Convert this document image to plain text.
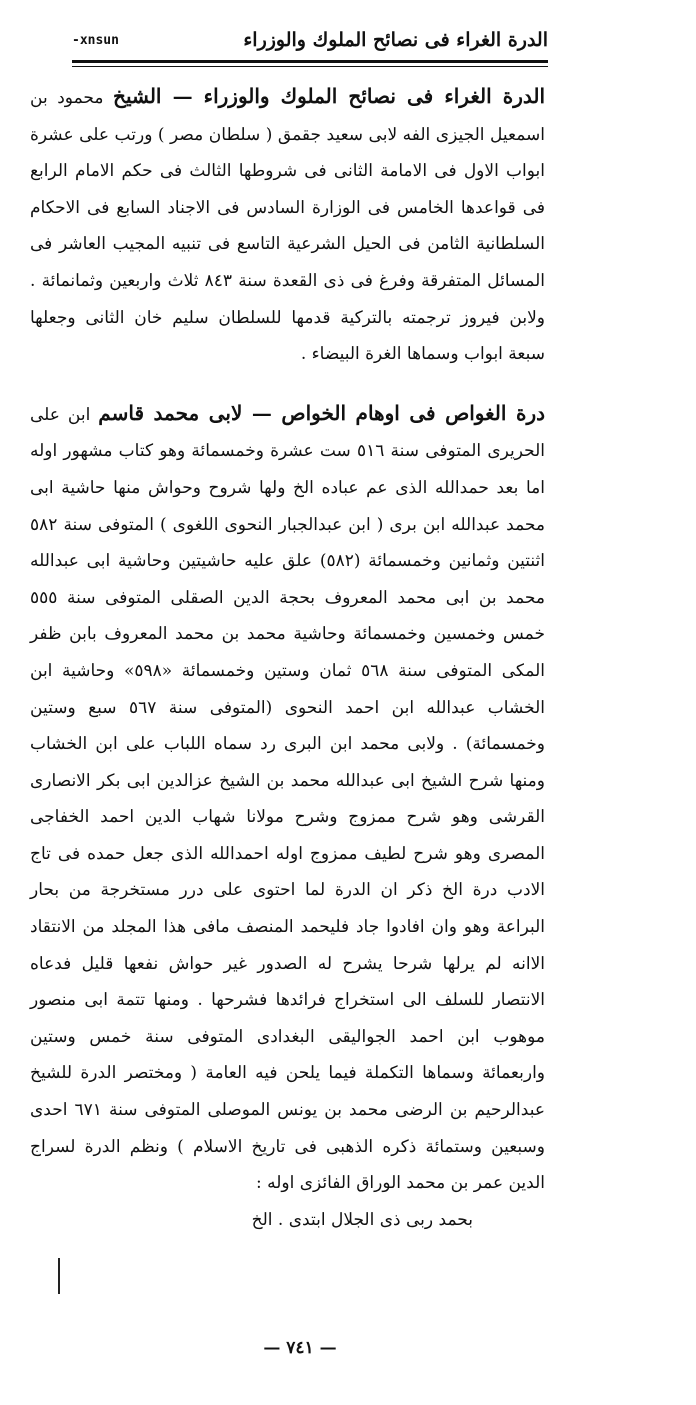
الدرة الغراء فى نصائح الملوك والوزراء
-xnsun

الدرة الغراء فى نصائح الملوك والوزراء — الشيخ محمود بن اسمعيل الجيزى الفه لابى سعيد جقمق ( سلطان مصر ) ورتب على عشرة ابواب الاول فى الامامة الثانى فى شروطها الثالث فى حكم الامام الرابع فى قواعدها الخامس فى الوزارة السادس فى الاجناد السابع فى الاحكام السلطانية الثامن فى الحيل الشرعية التاسع فى تنبيه المجيب العاشر فى المسائل المتفرقة وفرغ فى ذى القعدة سنة ٨٤٣ ثلاث واربعين وثمانمائة . ولابن فيروز ترجمته بالتركية قدمها للسلطان سليم خان الثانى وجعلها سبعة ابواب وسماها الغرة البيضاء .

درة الغواص فى اوهام الخواص — لابى محمد قاسم ابن على الحريرى المتوفى سنة ٥١٦ ست عشرة وخمسمائة وهو كتاب مشهور اوله اما بعد حمدالله الذى عم عباده الخ ولها شروح وحواش منها حاشية ابى محمد عبدالله ابن برى ( ابن عبدالجبار النحوى اللغوى ) المتوفى سنة ٥٨٢ اثنتين وثمانين وخمسمائة (٥٨٢) علق عليه حاشيتين وحاشية ابى عبدالله محمد بن ابى محمد المعروف بحجة الدين الصقلى المتوفى سنة ٥٥٥ خمس وخمسين وخمسمائة وحاشية محمد بن محمد المعروف بابن ظفر المكى المتوفى سنة ٥٦٨ ثمان وستين وخمسمائة «٥٩٨» وحاشية ابن الخشاب عبدالله ابن احمد النحوى (المتوفى سنة ٥٦٧ سبع وستين وخمسمائة) . ولابى محمد ابن البرى رد سماه اللباب على ابن الخشاب ومنها شرح الشيخ ابى عبدالله محمد بن الشيخ عزالدين ابى بكر الانصارى القرشى وهو شرح ممزوج وشرح مولانا شهاب الدين احمد الخفاجى المصرى وهو شرح لطيف ممزوج اوله احمدالله الذى جعل حمده فى تاج الادب درة الخ ذكر ان الدرة لما احتوى على درر مستخرجة من بحار البراعة وهو وان افادوا جاد فليحمد المنصف مافى هذا المجلد من الانتقاد الاانه لم يرلها شرحا يشرح له الصدور غير حواش نفعها قليل فدعاه الانتصار للسلف الى استخراج فرائدها فشرحها . ومنها تتمة ابى منصور موهوب ابن احمد الجواليقى البغدادى المتوفى سنة خمس وستين واربعمائة وسماها التكملة فيما يلحن فيه العامة ( ومختصر الدرة للشيخ عبدالرحيم بن الرضى محمد بن يونس الموصلى المتوفى سنة ٦٧١ احدى وسبعين وستمائة ذكره الذهبى فى تاريخ الاسلام ) ونظم الدرة لسراج الدين عمر بن محمد الوراق الفائزى اوله :

بحمد ربى ذى الجلال ابتدى . الخ
— ٧٤١ —
